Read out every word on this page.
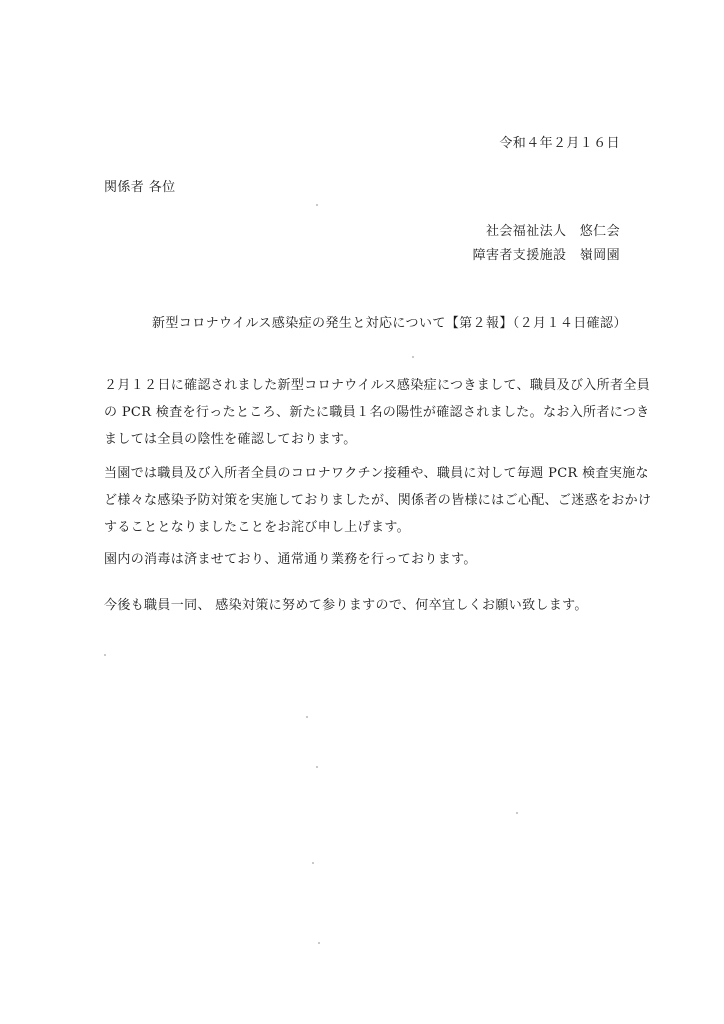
令和４年２月１６日
関係者 各位
社会福祉法人　悠仁会
障害者支援施設　嶺岡園
新型コロナウイルス感染症の発生と対応について【第２報】（２月１４日確認）
２月１２日に確認されました新型コロナウイルス感染症につきまして、職員及び入所者全員
の PCR 検査を行ったところ、新たに職員１名の陽性が確認されました。なお入所者につき
ましては全員の陰性を確認しております。
当園では職員及び入所者全員のコロナワクチン接種や、職員に対して毎週 PCR 検査実施な
ど様々な感染予防対策を実施しておりましたが、関係者の皆様にはご心配、ご迷惑をおかけ
することとなりましたことをお詫び申し上げます。
園内の消毒は済ませており、通常通り業務を行っております。
今後も職員一同、 感染対策に努めて参りますので、何卒宜しくお願い致します。
